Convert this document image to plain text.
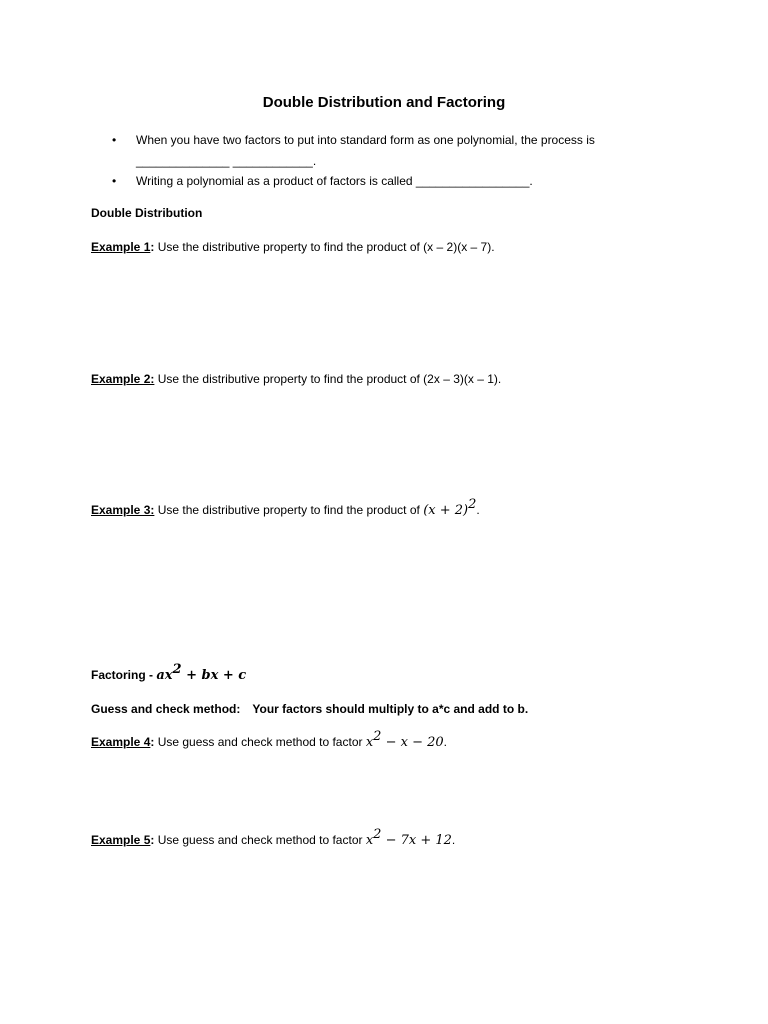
Double Distribution and Factoring
• When you have two factors to put into standard form as one polynomial, the process is
______________ ____________.
• Writing a polynomial as a product of factors is called _________________.
Double Distribution
Example 1: Use the distributive property to find the product of (x – 2)(x – 7).
Example 2: Use the distributive property to find the product of (2x – 3)(x – 1).
Example 3: Use the distributive property to find the product of $(x + 2)^2$.
Factoring - $ax^2$ + bx + c
Guess and check method: Your factors should multiply to a*c and add to b.
Example 4: Use guess and check method to factor $x^2 - x - 20$.
Example 5: Use guess and check method to factor $x^2 - 7x + 12$.
